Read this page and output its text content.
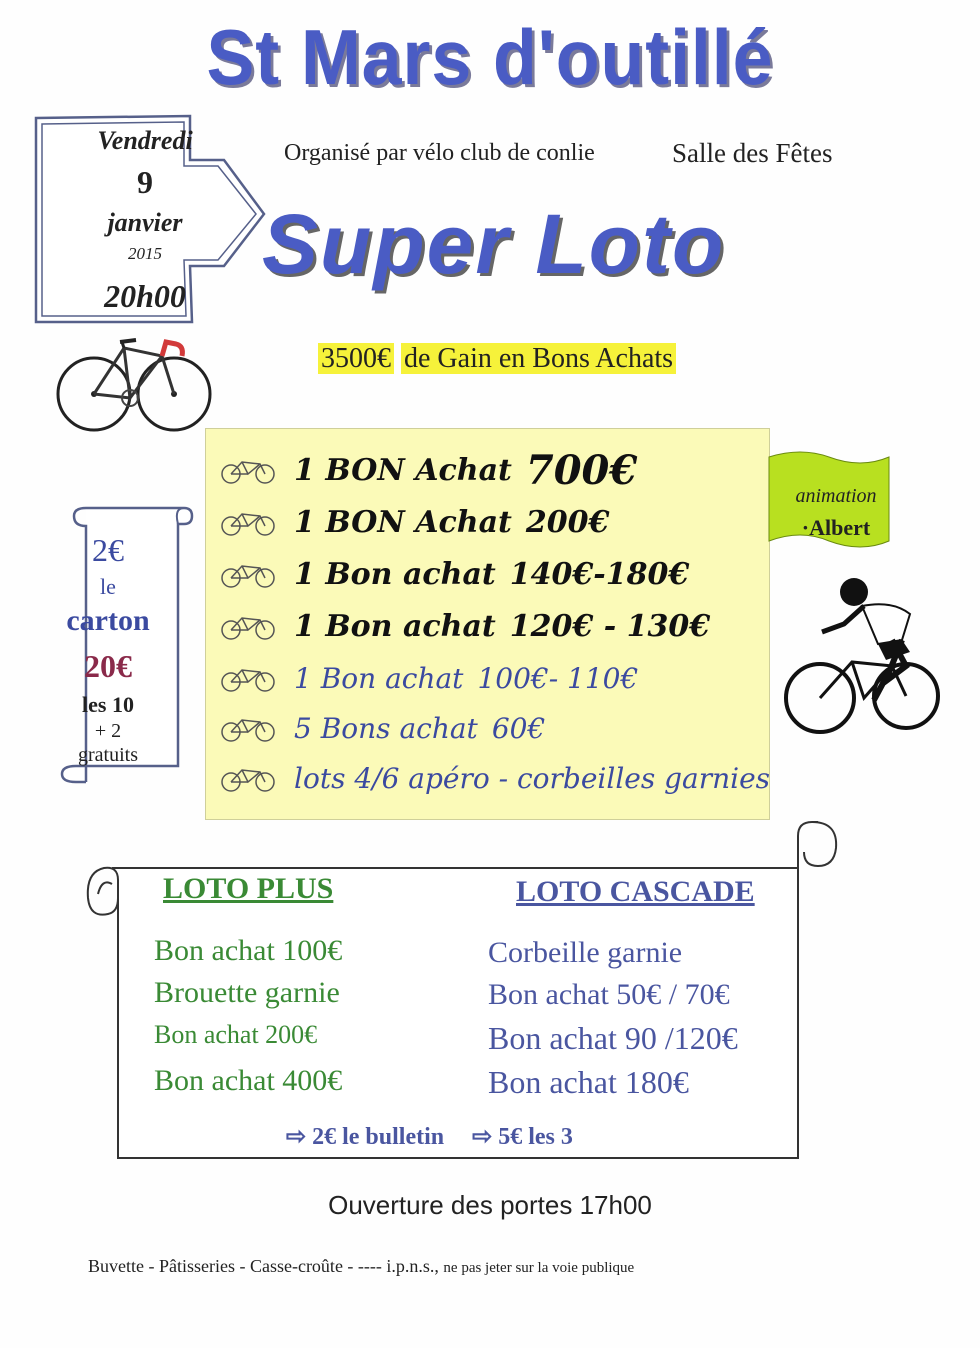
St Mars d'outillé
Vendredi
9
janvier
2015
20h00
Organisé par vélo club de conlie	Salle des Fêtes
Super Loto
3500€ de Gain en Bons Achats
2€
le
carton
20€
les 10
+ 2
gratuits
1 BON Achat 700€
1 BON Achat 200€
1 Bon achat 140€-180€
1 Bon achat 120€ - 130€
1 Bon achat 100€- 110€
5 Bons achat 60€
lots 4/6 apéro - corbeilles garnies
animation
·Albert
LOTO PLUS	LOTO CASCADE
Bon achat 100€
Brouette garnie
Bon achat 200€
Bon achat 400€
Corbeille garnie
Bon achat 50€ / 70€
Bon achat 90 /120€
Bon achat 180€
⇨ 2€ le bulletin ⇨ 5€ les 3
Ouverture des portes 17h00
Buvette - Pâtisseries - Casse-croûte - ---- i.p.n.s., ne pas jeter sur la voie publique
